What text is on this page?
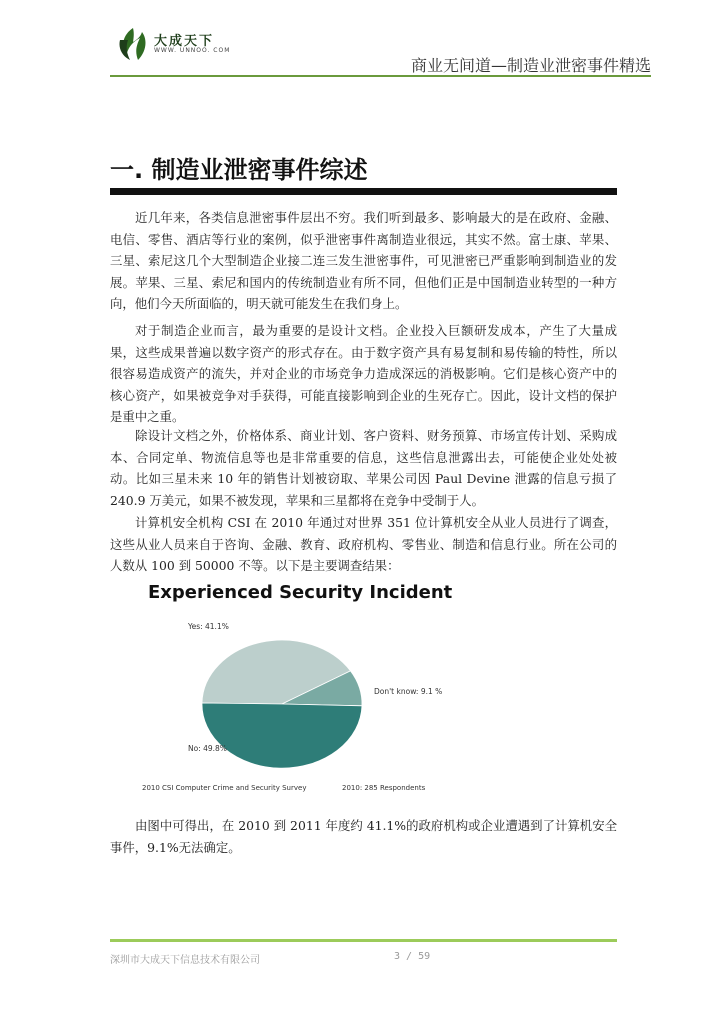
大成天下
WWW. UNNOO. COM
商业无间道—制造业泄密事件精选
一. 制造业泄密事件综述

近几年来，各类信息泄密事件层出不穷。我们听到最多、影响最大的是在政府、金融、电信、零售、酒店等行业的案例，似乎泄密事件离制造业很远，其实不然。富士康、苹果、三星、索尼这几个大型制造企业接二连三发生泄密事件，可见泄密已严重影响到制造业的发展。苹果、三星、索尼和国内的传统制造业有所不同，但他们正是中国制造业转型的一种方向，他们今天所面临的，明天就可能发生在我们身上。

对于制造企业而言，最为重要的是设计文档。企业投入巨额研发成本，产生了大量成果，这些成果普遍以数字资产的形式存在。由于数字资产具有易复制和易传输的特性，所以很容易造成资产的流失，并对企业的市场竞争力造成深远的消极影响。它们是核心资产中的核心资产，如果被竞争对手获得，可能直接影响到企业的生死存亡。因此，设计文档的保护是重中之重。

除设计文档之外，价格体系、商业计划、客户资料、财务预算、市场宣传计划、采购成本、合同定单、物流信息等也是非常重要的信息，这些信息泄露出去，可能使企业处处被动。比如三星未来 10 年的销售计划被窃取、苹果公司因 Paul Devine 泄露的信息亏损了 240.9 万美元，如果不被发现，苹果和三星都将在竞争中受制于人。

计算机安全机构 CSI 在 2010 年通过对世界 351 位计算机安全从业人员进行了调查，这些从业人员来自于咨询、金融、教育、政府机构、零售业、制造和信息行业。所在公司的人数从 100 到 50000 不等。以下是主要调查结果：

Experienced Security Incident
Yes: 41.1%
Don't know: 9.1 %
No: 49.8%
2010 CSI Computer Crime and Security Survey	2010: 285 Respondents

由图中可得出，在 2010 到 2011 年度约 41.1%的政府机构或企业遭遇到了计算机安全事件，9.1%无法确定。

深圳市大成天下信息技术有限公司	3 / 59
